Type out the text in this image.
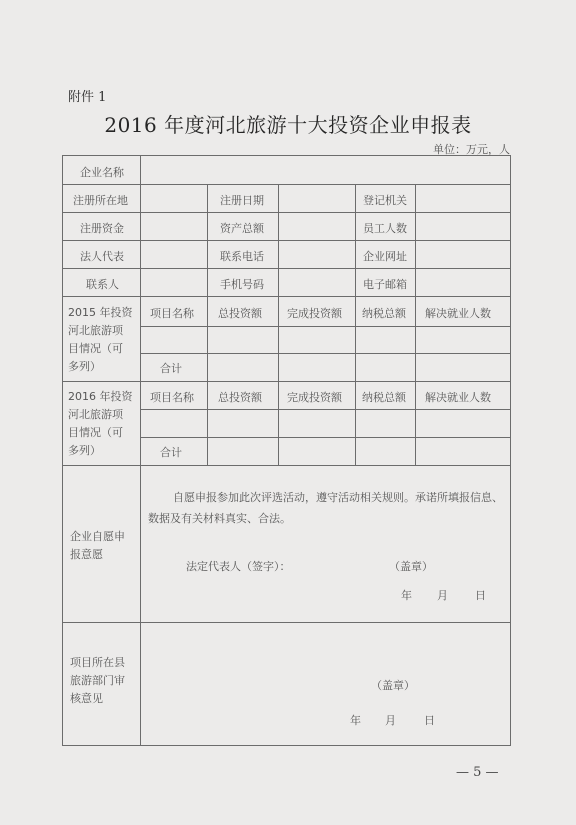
附件 1
2016 年度河北旅游十大投资企业申报表
单位：万元，人
企业名称
注册所在地	注册日期	登记机关
注册资金	资产总额	员工人数
法人代表	联系电话	企业网址
联系人	手机号码	电子邮箱
2015 年投资
河北旅游项
目情况（可
多列）
项目名称 总投资额 完成投资额 纳税总额 解决就业人数
合计
2016 年投资
河北旅游项
目情况（可
多列）
项目名称 总投资额 完成投资额 纳税总额 解决就业人数
合计
企业自愿申
报意愿
自愿申报参加此次评选活动，遵守活动相关规则。承诺所填报信息、数据及有关材料真实、合法。
法定代表人（签字）：	（盖章）
年 月 日
项目所在县
旅游部门审
核意见
（盖章）
年 月	日
— 5 —
